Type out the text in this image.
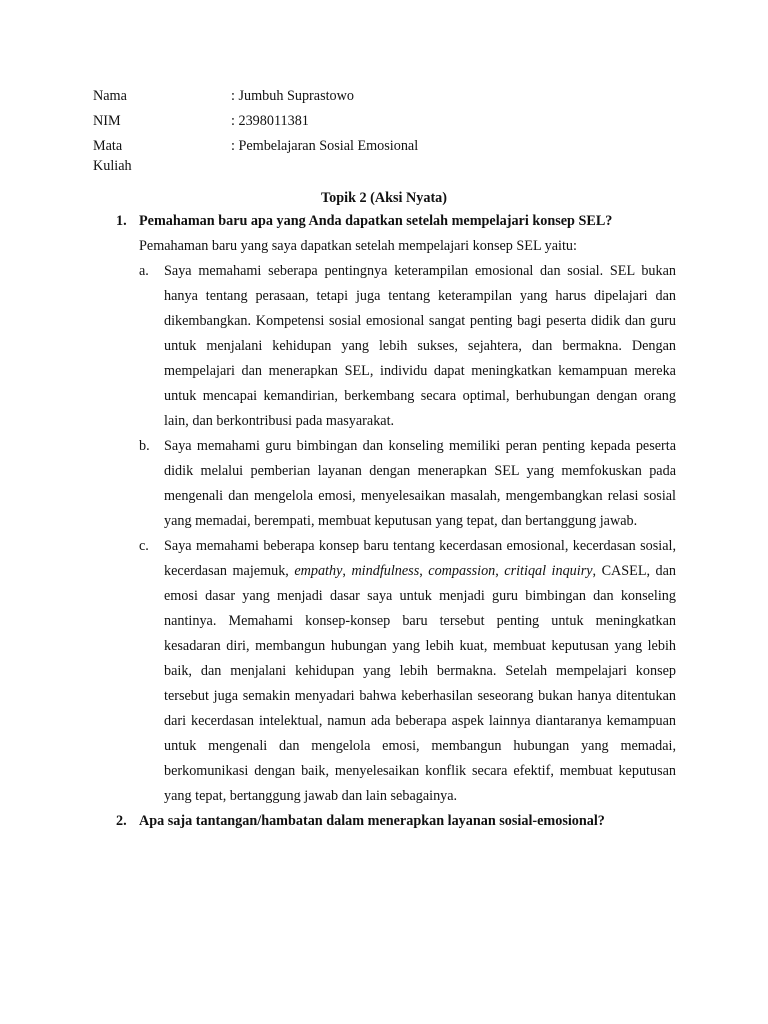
Nama	: Jumbuh Suprastowo
NIM	: 2398011381
Mata Kuliah
: Pembelajaran Sosial Emosional
Topik 2 (Aksi Nyata)
1. Pemahaman baru apa yang Anda dapatkan setelah mempelajari konsep SEL?
Pemahaman baru yang saya dapatkan setelah mempelajari konsep SEL yaitu:
a. Saya memahami seberapa pentingnya keterampilan emosional dan sosial. SEL bukan hanya tentang perasaan, tetapi juga tentang keterampilan yang harus dipelajari dan dikembangkan. Kompetensi sosial emosional sangat penting bagi peserta didik dan guru untuk menjalani kehidupan yang lebih sukses, sejahtera, dan bermakna. Dengan mempelajari dan menerapkan SEL, individu dapat meningkatkan kemampuan mereka untuk mencapai kemandirian, berkembang secara optimal, berhubungan dengan orang lain, dan berkontribusi pada masyarakat.
b. Saya memahami guru bimbingan dan konseling memiliki peran penting kepada peserta didik melalui pemberian layanan dengan menerapkan SEL yang memfokuskan pada mengenali dan mengelola emosi, menyelesaikan masalah, mengembangkan relasi sosial yang memadai, berempati, membuat keputusan yang tepat, dan bertanggung jawab.
c. Saya memahami beberapa konsep baru tentang kecerdasan emosional, kecerdasan sosial, kecerdasan majemuk, empathy, mindfulness, compassion, critiqal inquiry, CASEL, dan emosi dasar yang menjadi dasar saya untuk menjadi guru bimbingan dan konseling nantinya. Memahami konsep-konsep baru tersebut penting untuk meningkatkan kesadaran diri, membangun hubungan yang lebih kuat, membuat keputusan yang lebih baik, dan menjalani kehidupan yang lebih bermakna. Setelah mempelajari konsep tersebut juga semakin menyadari bahwa keberhasilan seseorang bukan hanya ditentukan dari kecerdasan intelektual, namun ada beberapa aspek lainnya diantaranya kemampuan untuk mengenali dan mengelola emosi, membangun hubungan yang memadai, berkomunikasi dengan baik, menyelesaikan konflik secara efektif, membuat keputusan yang tepat, bertanggung jawab dan lain sebagainya.
2. Apa saja tantangan/hambatan dalam menerapkan layanan sosial-emosional?
